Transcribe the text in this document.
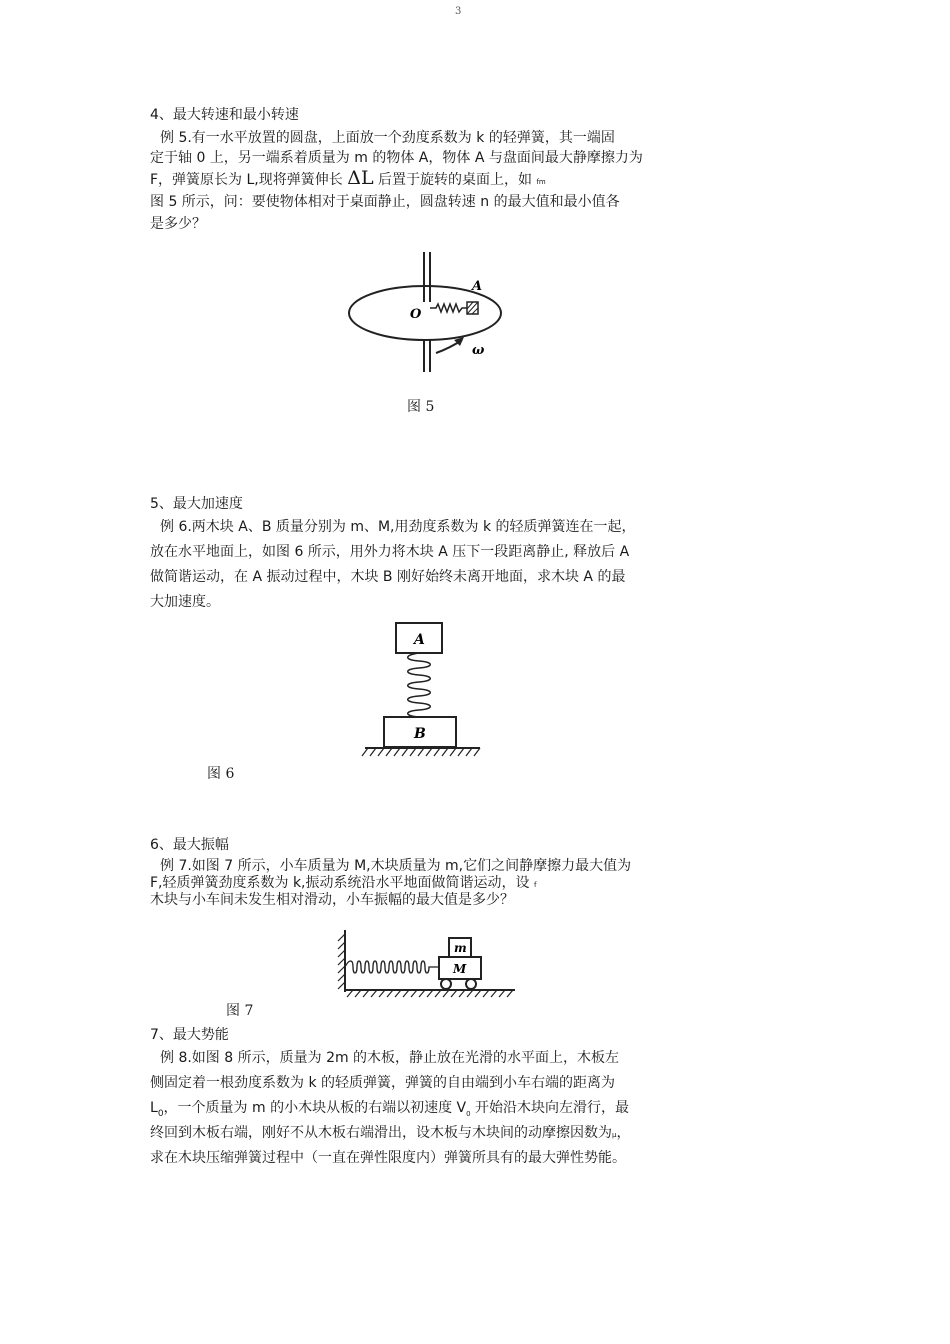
3
4、最大转速和最小转速
例 5.有一水平放置的圆盘，上面放一个劲度系数为 k 的轻弹簧，其一端固
定于轴 0 上，另一端系着质量为 m 的物体 A，物体 A 与盘面间最大静摩擦力为
F，弹簧原长为 L,现将弹簧伸长 ΔL 后置于旋转的桌面上，如 fm
图 5 所示，问：要使物体相对于桌面静止，圆盘转速 n 的最大值和最小值各
是多少？
A
O
ω
图 5
5、最大加速度
例 6.两木块 A、B 质量分别为 m、M,用劲度系数为 k 的轻质弹簧连在一起，
放在水平地面上，如图 6 所示，用外力将木块 A 压下一段距离静止, 释放后 A
做简谐运动，在 A 振动过程中，木块 B 刚好始终未离开地面，求木块 A 的最
大加速度。
A
B
图 6
6、最大振幅
例 7.如图 7 所示，小车质量为 M,木块质量为 m,它们之间静摩擦力最大值为
F,轻质弹簧劲度系数为 k,振动系统沿水平地面做简谐运动，设 f
木块与小车间未发生相对滑动，小车振幅的最大值是多少？
m
M
图 7
7、最大势能
例 8.如图 8 所示，质量为 2m 的木板，静止放在光滑的水平面上，木板左
侧固定着一根劲度系数为 k 的轻质弹簧，弹簧的自由端到小车右端的距离为
$L_0$，一个质量为 m 的小木块从板的右端以初速度 $V_0$ 开始沿木块向左滑行，最
终回到木板右端，刚好不从木板右端滑出，设木板与木块间的动摩擦因数为μ，
求在木块压缩弹簧过程中（一直在弹性限度内）弹簧所具有的最大弹性势能。
